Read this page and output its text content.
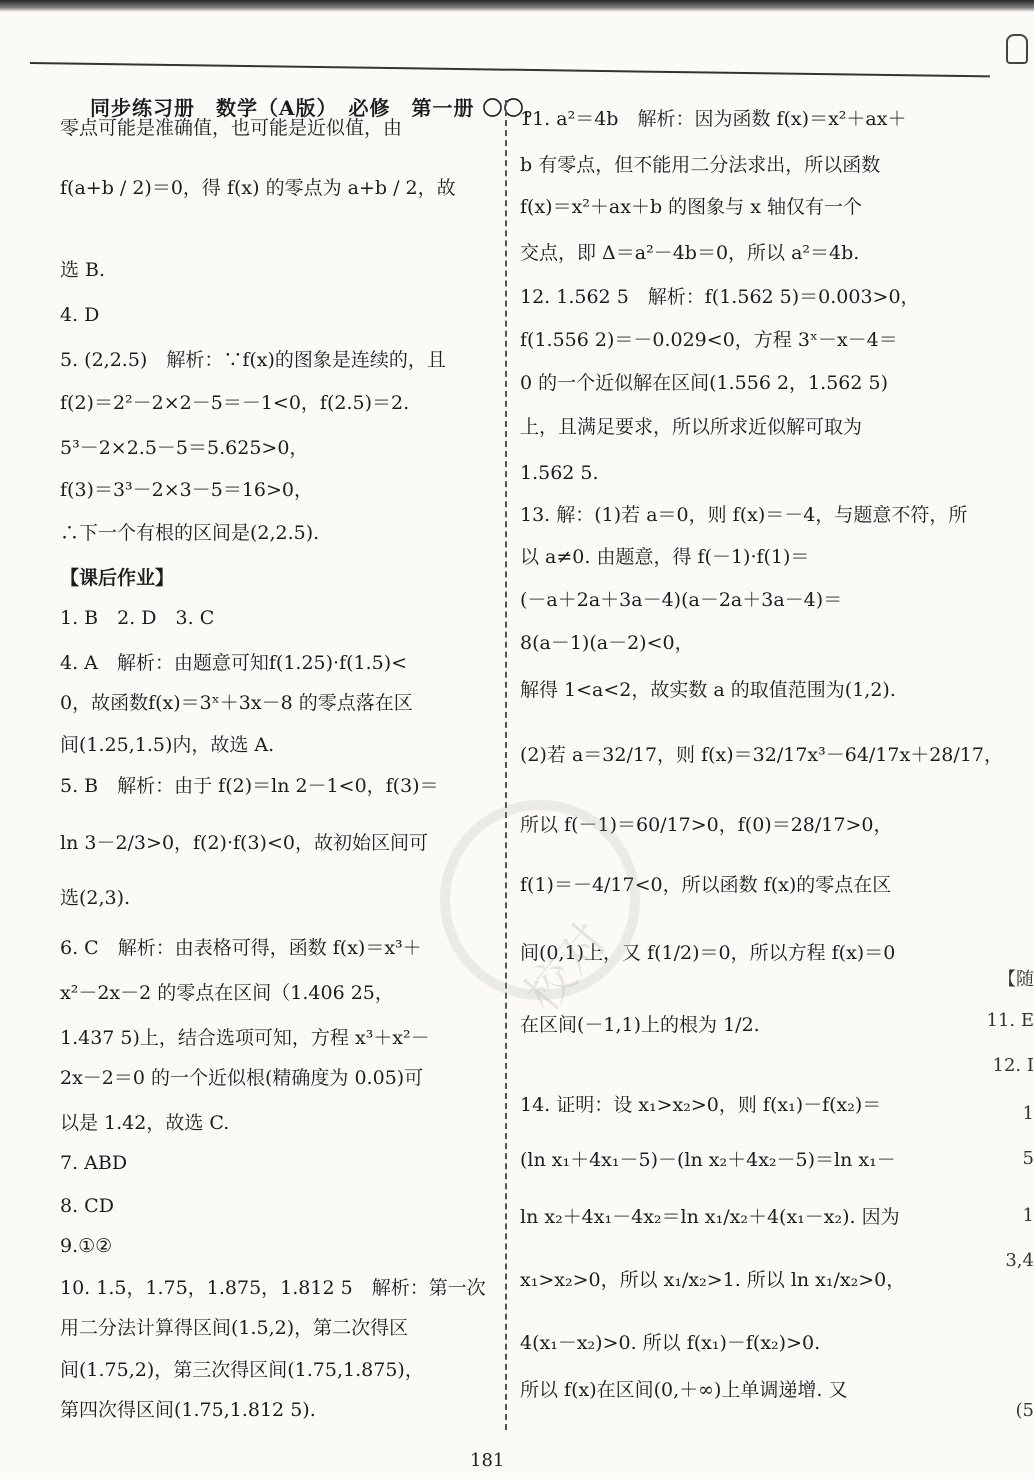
同步练习册　数学（A版）　必修　第一册 〇〇。
零点可能是准确值，也可能是近似值，由
f(a+b / 2)＝0，得 f(x) 的零点为 a+b / 2，故
选 B.
4. D
5. (2,2.5)　解析：∵f(x)的图象是连续的，且
f(2)＝2²－2×2－5＝－1<0，f(2.5)＝2.
5³－2×2.5－5＝5.625>0，
f(3)＝3³－2×3－5＝16>0，
∴下一个有根的区间是(2,2.5).
【课后作业】
1. B　2. D　3. C
4. A　解析：由题意可知f(1.25)·f(1.5)<
0，故函数f(x)＝3ˣ＋3x－8 的零点落在区
间(1.25,1.5)内，故选 A.
5. B　解析：由于 f(2)＝ln 2－1<0，f(3)＝
ln 3－2/3>0，f(2)·f(3)<0，故初始区间可
选(2,3).
6. C　解析：由表格可得，函数 f(x)＝x³＋
x²－2x－2 的零点在区间（1.406 25，
1.437 5)上，结合选项可知，方程 x³＋x²－
2x－2＝0 的一个近似根(精确度为 0.05)可
以是 1.42，故选 C.
7. ABD
8. CD
9.①②
10. 1.5，1.75，1.875，1.812 5　解析：第一次
用二分法计算得区间(1.5,2)，第二次得区
间(1.75,2)，第三次得区间(1.75,1.875)，
第四次得区间(1.75,1.812 5).
11. a²＝4b　解析：因为函数 f(x)＝x²＋ax＋
b 有零点，但不能用二分法求出，所以函数
f(x)＝x²＋ax＋b 的图象与 x 轴仅有一个
交点，即 Δ＝a²－4b＝0，所以 a²＝4b.
12. 1.562 5　解析：f(1.562 5)＝0.003>0，
f(1.556 2)＝－0.029<0，方程 3ˣ－x－4＝
0 的一个近似解在区间(1.556 2，1.562 5)
上，且满足要求，所以所求近似解可取为
1.562 5.
13. 解：(1)若 a＝0，则 f(x)＝－4，与题意不符，所
以 a≠0. 由题意，得 f(－1)·f(1)＝
(－a＋2a＋3a－4)(a－2a＋3a－4)＝
8(a－1)(a－2)<0，
解得 1<a<2，故实数 a 的取值范围为(1,2).
(2)若 a＝32/17，则 f(x)＝32/17x³－64/17x＋28/17，
所以 f(－1)＝60/17>0，f(0)＝28/17>0，
f(1)＝－4/17<0，所以函数 f(x)的零点在区
间(0,1)上，又 f(1/2)＝0，所以方程 f(x)＝0
在区间(－1,1)上的根为 1/2.
14. 证明：设 x₁>x₂>0，则 f(x₁)－f(x₂)＝
(ln x₁＋4x₁－5)－(ln x₂＋4x₂－5)＝ln x₁－
ln x₂＋4x₁－4x₂＝ln x₁/x₂＋4(x₁－x₂). 因为
x₁>x₂>0，所以 x₁/x₂>1. 所以 ln x₁/x₂>0，
4(x₁－x₂)>0. 所以 f(x₁)－f(x₂)>0.
所以 f(x)在区间(0,＋∞)上单调递增. 又
校对
181
【随
11. E
12. I
1
5
1
3,4
(5
